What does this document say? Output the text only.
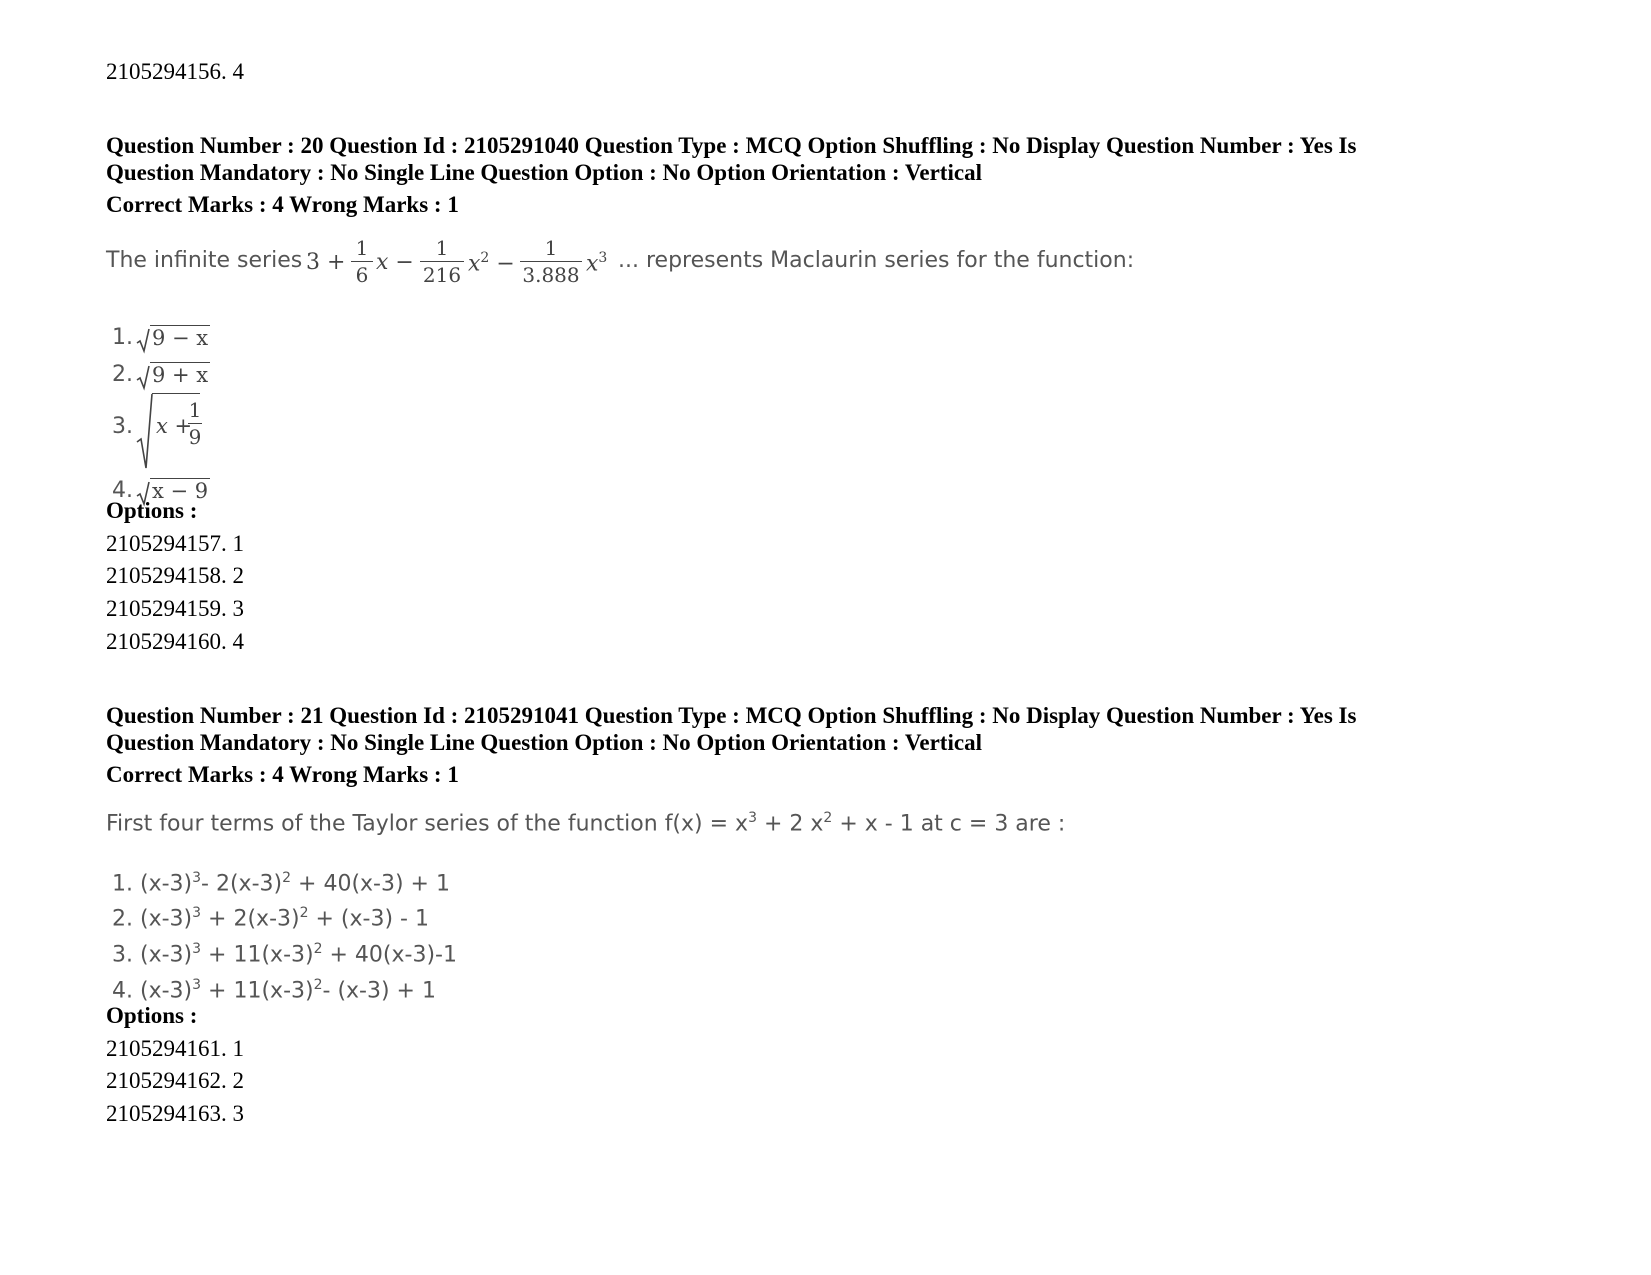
2105294156. 4
Question Number : 20 Question Id : 2105291040 Question Type : MCQ Option Shuffling : No Display Question Number : Yes Is
Question Mandatory : No Single Line Question Option : No Option Orientation : Vertical
Correct Marks : 4 Wrong Marks : 1
The infinite series 3 +
1
6 x −
1
216 $x^2$ −
1
3.888 $x^3$ ... represents Maclaurin series for the function:
1. 9 − x
2. 9 + x
3. x +
1
9
4. x − 9
Options :
2105294157. 1
2105294158. 2
2105294159. 3
2105294160. 4
Question Number : 21 Question Id : 2105291041 Question Type : MCQ Option Shuffling : No Display Question Number : Yes Is
Question Mandatory : No Single Line Question Option : No Option Orientation : Vertical
Correct Marks : 4 Wrong Marks : 1
First four terms of the Taylor series of the function $f(x) = x^3 + 2$ $x^2 + x - 1$ at c = 3 are :
1. $(x-3)^3-$ $2(x-3)^2 + 40(x-3) + 1$
2. $(x-3)^3 + 2(x-3)^2 + (x-3) - 1$
3. $(x-3)^3 + 11(x-3)^2 + 40(x-3)-1$
4. $(x-3)^3 + 11(x-3)^2-$ (x-3) + 1
Options :
2105294161. 1
2105294162. 2
2105294163. 3
